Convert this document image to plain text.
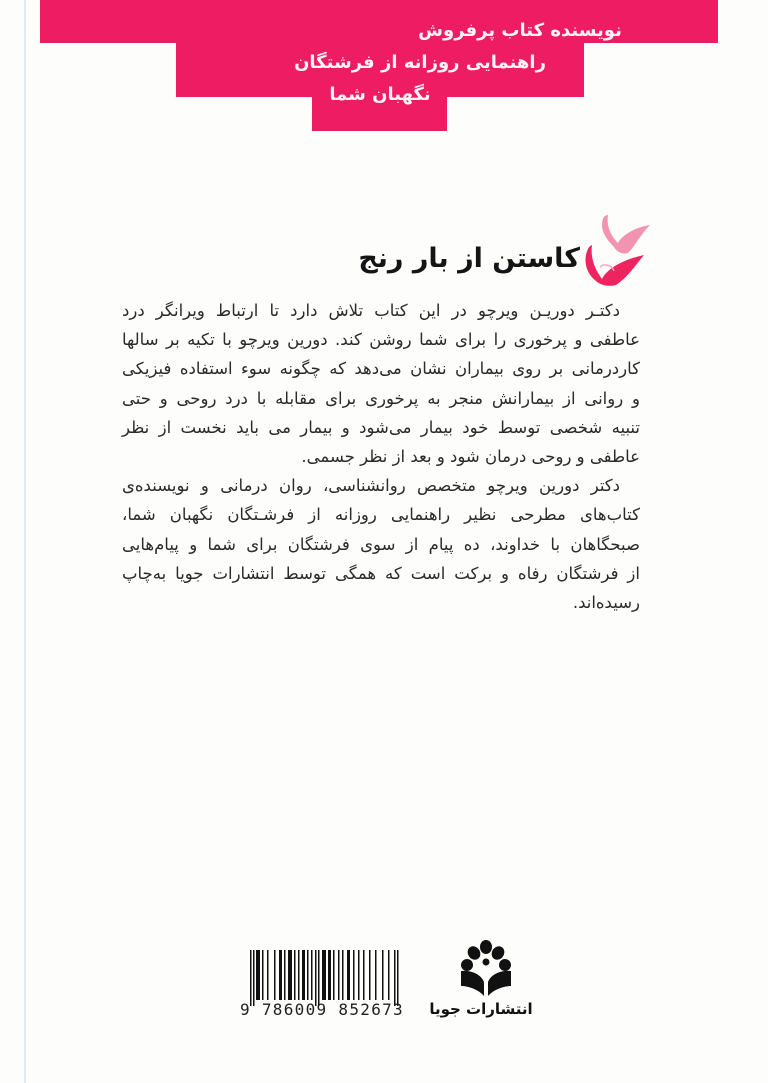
نویسنده کتاب پرفروش
راهنمایی روزانه از فرشتگان
نگهبان شما
کاستن از بار رنج
دکتـر دوریـن ویرچو در این کتاب تلاش دارد تا ارتباط ویرانگر درد
عاطفی و پرخوری را برای شما روشن کند. دورین ویرچو با تکیه بر سالها
کاردرمانی بر روی بیماران نشان می‌دهد که چگونه سوء استفاده فیزیکی
و روانی از بیمارانش منجر به پرخوری برای مقابله با درد روحی و حتی
تنبیه شخصی توسط خود بیمار می‌شود و بیمار می باید نخست از نظر
عاطفی و روحی درمان شود و بعد از نظر جسمی.
دکتر دورین ویرچو متخصص روانشناسی، روان درمانی و نویسنده‌ی
کتاب‌های مطرحی نظیر راهنمایی روزانه از فرشـتگان نگهبان شما،
صبحگاهان با خداوند، ده پیام از سوی فرشتگان برای شما و پیام‌هایی
از فرشتگان رفاه و برکت است که همگی توسط انتشارات جویا به‌چاپ
رسیده‌اند.
9 786009 852673	انتشارات جویا
